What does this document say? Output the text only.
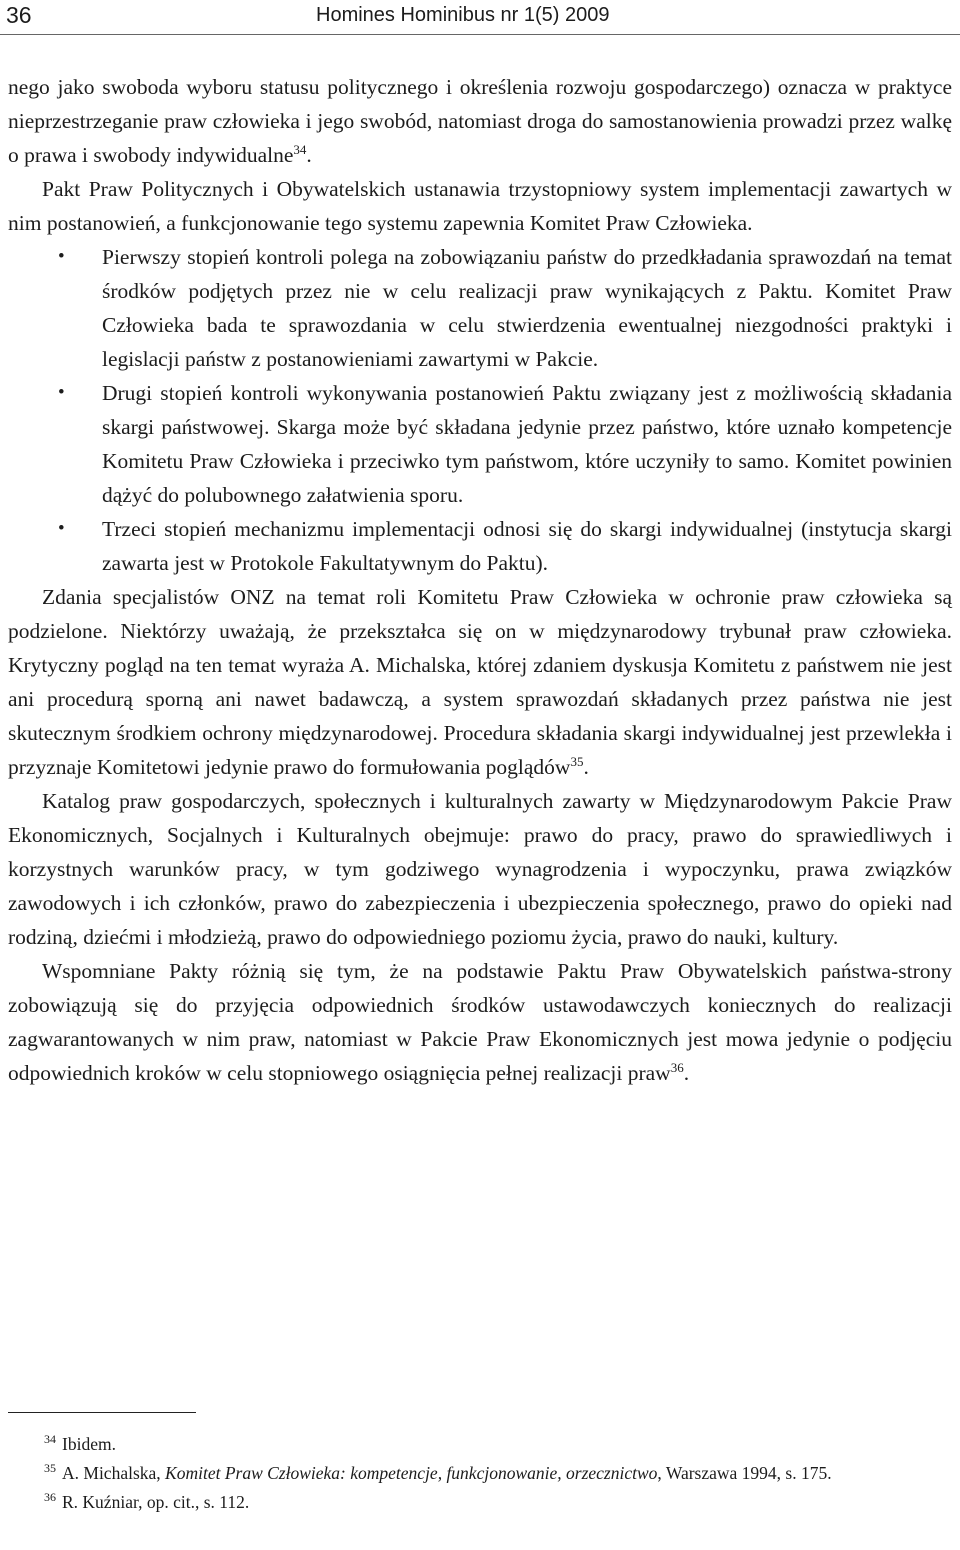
36	Homines Hominibus nr 1(5) 2009

nego jako swoboda wyboru statusu politycznego i określenia rozwoju gospodarczego) oznacza w praktyce nieprzestrzeganie praw człowieka i jego swobód, natomiast droga do samostanowienia prowadzi przez walkę o prawa i swobody indywidualne$^{34}$.

Pakt Praw Politycznych i Obywatelskich ustanawia trzystopniowy system implementacji zawartych w nim postanowień, a funkcjonowanie tego systemu zapewnia Komitet Praw Człowieka.

• Pierwszy stopień kontroli polega na zobowiązaniu państw do przedkładania sprawozdań na temat środków podjętych przez nie w celu realizacji praw wynikających z Paktu. Komitet Praw Człowieka bada te sprawozdania w celu stwierdzenia ewentualnej niezgodności praktyki i legislacji państw z postanowieniami zawartymi w Pakcie.
• Drugi stopień kontroli wykonywania postanowień Paktu związany jest z możliwością składania skargi państwowej. Skarga może być składana jedynie przez państwo, które uznało kompetencje Komitetu Praw Człowieka i przeciwko tym państwom, które uczyniły to samo. Komitet powinien dążyć do polubownego załatwienia sporu.
• Trzeci stopień mechanizmu implementacji odnosi się do skargi indywidualnej (instytucja skargi zawarta jest w Protokole Fakultatywnym do Paktu).

Zdania specjalistów ONZ na temat roli Komitetu Praw Człowieka w ochronie praw człowieka są podzielone. Niektórzy uważają, że przekształca się on w międzynarodowy trybunał praw człowieka. Krytyczny pogląd na ten temat wyraża A. Michalska, której zdaniem dyskusja Komitetu z państwem nie jest ani procedurą sporną ani nawet badawczą, a system sprawozdań składanych przez państwa nie jest skutecznym środkiem ochrony międzynarodowej. Procedura składania skargi indywidualnej jest przewlekła i przyznaje Komitetowi jedynie prawo do formułowania poglądów$^{35}$.

Katalog praw gospodarczych, społecznych i kulturalnych zawarty w Międzynarodowym Pakcie Praw Ekonomicznych, Socjalnych i Kulturalnych obejmuje: prawo do pracy, prawo do sprawiedliwych i korzystnych warunków pracy, w tym godziwego wynagrodzenia i wypoczynku, prawa związków zawodowych i ich członków, prawo do zabezpieczenia i ubezpieczenia społecznego, prawo do opieki nad rodziną, dziećmi i młodzieżą, prawo do odpowiedniego poziomu życia, prawo do nauki, kultury.

Wspomniane Pakty różnią się tym, że na podstawie Paktu Praw Obywatelskich państwa-strony zobowiązują się do przyjęcia odpowiednich środków ustawodawczych koniecznych do realizacji zagwarantowanych w nim praw, natomiast w Pakcie Praw Ekonomicznych jest mowa jedynie o podjęciu odpowiednich kroków w celu stopniowego osiągnięcia pełnej realizacji praw$^{36}$.

$^{34}$ Ibidem.

$^{35}$ A. Michalska, Komitet Praw Człowieka: kompetencje, funkcjonowanie, orzecznictwo, Warszawa 1994, s. 175.

$^{36}$ R. Kuźniar, op. cit., s. 112.
